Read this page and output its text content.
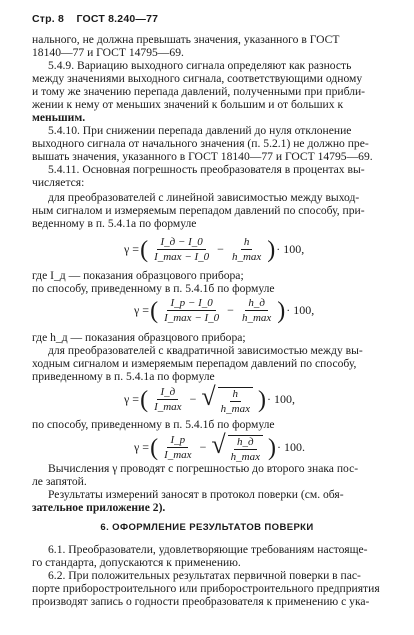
Стр. 8 ГОСТ 8.240—77
нального, не должна превышать значения, указанного в ГОСТ
18140—77 и ГОСТ 14795—69.
5.4.9. Вариацию выходного сигнала определяют как разность
между значениями выходного сигнала, соответствующими одному
и тому же значению перепада давлений, полученными при прибли-
жении к нему от меньших значений к большим и от больших к
меньшим.
5.4.10. При снижении перепада давлений до нуля отклонение
выходного сигнала от начального значения (п. 5.2.1) не должно пре-
вышать значения, указанного в ГОСТ 18140—77 и ГОСТ 14795—69.
5.4.11. Основная погрешность преобразователя в процентах вы-
числяется:
для преобразователей с линейной зависимостью между выход-
ным сигналом и измеряемым перепадом давлений по способу, при-
веденному в п. 5.4.1а по формуле
γ = ( $\frac{I\_д - I\_0}{I\_\max - I\_0} - \frac{h}{h\_\max}$ ) · 100,
где I_д — показания образцового прибора;
по способу, приведенному в п. 5.4.1б по формуле
γ = ( $\frac{I\_р - I\_0}{I\_\max - I\_0} - \frac{h\_д}{h\_\max}$ ) · 100,
где h_д — показания образцового прибора;
для преобразователей с квадратичной зависимостью между вы-
ходным сигналом и измеряемым перепадом давлений по способу,
приведенному в п. 5.4.1а по формуле
γ = ( $\frac{I\_д}{I\_\max}$ − √ $\frac{h}{h\_\max}$ ) · 100,
по способу, приведенному в п. 5.4.1б по формуле
γ = ( $\frac{I\_р}{I\_\max}$ − √ $\frac{h\_д}{h\_\max}$ ) · 100.
Вычисления γ проводят с погрешностью до второго знака пос-
ле запятой.
Результаты измерений заносят в протокол поверки (см. обя-
зательное приложение 2).
6. ОФОРМЛЕНИЕ РЕЗУЛЬТАТОВ ПОВЕРКИ
6.1. Преобразователи, удовлетворяющие требованиям настояще-
го стандарта, допускаются к применению.
6.2. При положительных результатах первичной поверки в пас-
порте приборостроительного или приборостроительного предприятия
производят запись о годности преобразователя к применению с ука-
